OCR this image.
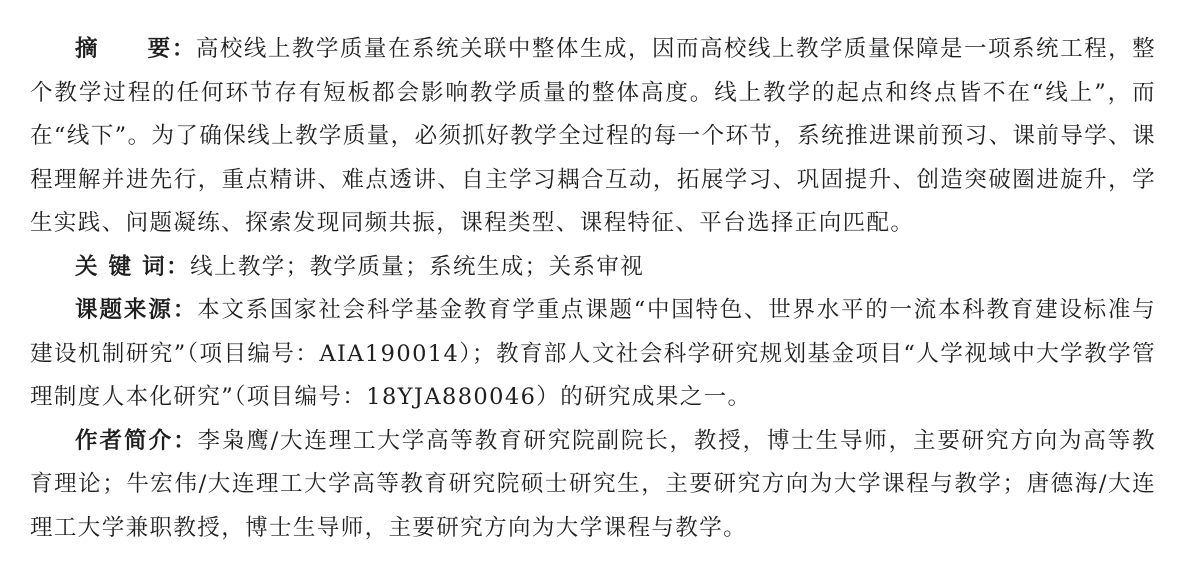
摘　　要：高校线上教学质量在系统关联中整体生成，因而高校线上教学质量保障是一项系统工程，整个教学过程的任何环节存有短板都会影响教学质量的整体高度。线上教学的起点和终点皆不在“线上”，而在“线下”。为了确保线上教学质量，必须抓好教学全过程的每一个环节，系统推进课前预习、课前导学、课程理解并进先行，重点精讲、难点透讲、自主学习耦合互动，拓展学习、巩固提升、创造突破圈进旋升，学生实践、问题凝练、探索发现同频共振，课程类型、课程特征、平台选择正向匹配。

关 键 词：线上教学；教学质量；系统生成；关系审视

课题来源：本文系国家社会科学基金教育学重点课题“中国特色、世界水平的一流本科教育建设标准与建设机制研究”（项目编号：AIA190014）；教育部人文社会科学研究规划基金项目“人学视域中大学教学管理制度人本化研究”（项目编号：18YJA880046）的研究成果之一。

作者简介：李枭鹰/大连理工大学高等教育研究院副院长，教授，博士生导师，主要研究方向为高等教育理论；牛宏伟/大连理工大学高等教育研究院硕士研究生，主要研究方向为大学课程与教学；唐德海/大连理工大学兼职教授，博士生导师，主要研究方向为大学课程与教学。
